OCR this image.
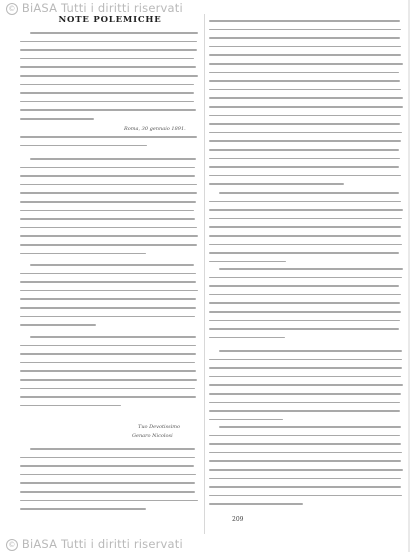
© BiASA Tutti i diritti riservati
NOTE POLEMICHE
Roma, 30 gennaio 1891.
Tuo Devotissimo
Genaro Nicolosi
209
© BiASA Tutti i diritti riservati
